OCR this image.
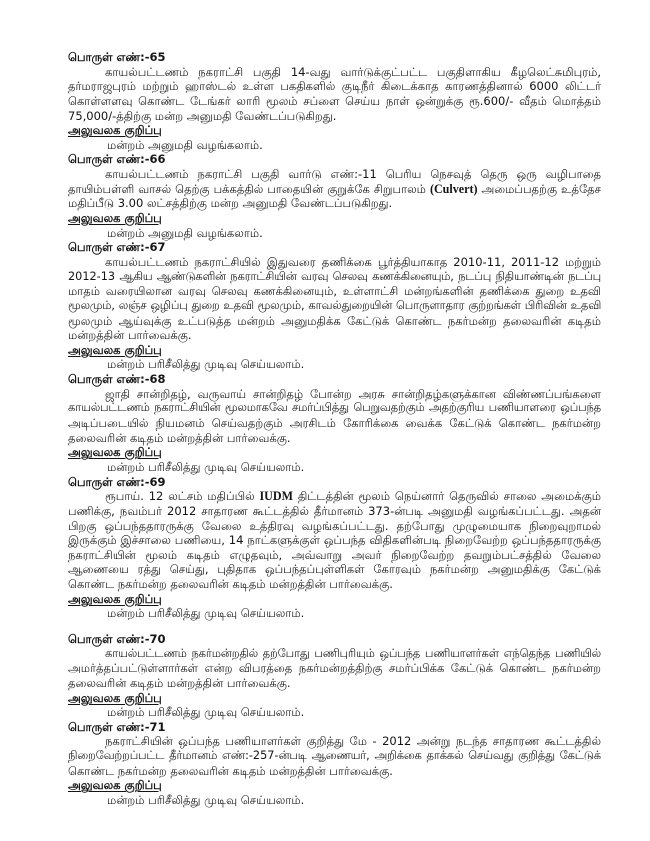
பொருள் எண்:-65
காயல்பட்டணம் நகராட்சி பகுதி 14-வது வார்டுக்குட்பட்ட பகுதிளாகிய கீழலெட்சுமிபுரம்,
தர்மராஜபுரம் மற்றும் ஹாஸ்டல் உள்ள பகதிகளில் குடிநீர் கிடைக்காத காரணத்தினால் 6000 லிட்டர்
கொள்ளளவு கொண்ட டேங்கர் லாரி மூலம் சப்ளை செய்ய நாள் ஒன்றுக்கு ரூ.600/- வீதம் மொத்தம்
75,000/-த்திற்கு மன்ற அனுமதி வேண்டப்படுகிறது.
அலுவலக குறிப்பு
மன்றம் அனுமதி வழங்கலாம்.
பொருள் எண்:-66
காயல்பட்டணம் நகராட்சி பகுதி வார்டு எண்:-11 பெரிய நெசவுத் தெரு ஒரு வழிபாதை
தாயிம்பள்ளி வாசல் தெற்கு பக்கத்தில் பாதையின் குறுக்கே சிறுபாலம் (Culvert) அமைப்பதற்கு உத்தேச
மதிப்பீடு 3.00 லட்சத்திற்கு மன்ற அனுமதி வேண்டப்படுகிறது.
அலுவலக குறிப்பு
மன்றம் அனுமதி வழங்கலாம்.
பொருள் எண்:-67
காயல்பட்டணம் நகராட்சியில் இதுவரை தணிக்கை பூர்த்தியாகாத 2010-11, 2011-12 மற்றும்
2012-13 ஆகிய ஆண்டுகளின் நகராட்சியின் வரவு செலவு கணக்கினையும், நடப்பு நிதியாண்டின் நடப்பு
மாதம் வரையிலான வரவு செலவு கணக்கினையும், உள்ளாட்சி மன்றங்களின் தணிக்கை துறை உதவி
மூலமும், லஞ்ச ஒழிப்பு துறை உதவி மூலமும், காவல்துறையின் பொருளாதார குற்றங்கள் பிரிவின் உதவி
மூலமும் ஆய்வுக்கு உட்படுத்த மன்றம் அனுமதிக்க கேட்டுக் கொண்ட நகர்மன்ற தலைவரின் கடிதம்
மன்றத்தின் பார்வைக்கு.
அலுவலக குறிப்பு
மன்றம் பரிசீலித்து முடிவு செய்யலாம்.
பொருள் எண்:-68
ஜாதி சான்றிதழ், வருவாய் சான்றிதழ் போன்ற அரசு சான்றிதழ்களுக்கான விண்ணப்பங்களை
காயல்பட்டணம் நகராட்சியின் மூலமாகவே சமர்ப்பித்து பெறுவதற்கும் அதற்குரிய பணியாளரை ஒப்பந்த
அடிப்படையில் நியமனம் செய்வதற்கும் அரசிடம் கோரிக்கை வைக்க கேட்டுக் கொண்ட நகர்மன்ற
தலைவரின் கடிதம் மன்றத்தின் பார்வைக்கு.
அலுவலக குறிப்பு
மன்றம் பரிசீலித்து முடிவு செய்யலாம்.
பொருள் எண்:-69
ரூபாய். 12 லட்சம் மதிப்பில் IUDM திட்டத்தின் மூலம் நெய்னார் தெருவில் சாலை அமைக்கும்
பணிக்கு, நவம்பர் 2012 சாதாரண கூட்டத்தில் தீர்மானம் 373-ன்படி அனுமதி வழங்கப்பட்டது. அதன்
பிறகு ஒப்பந்ததாரருக்கு வேலை உத்திரவு வழங்கப்பட்டது. தற்போது முழுமையாக நிறைவுறாமல்
இருக்கும் இச்சாலை பணியை, 14 நாட்களுக்குள் ஒப்பந்த விதிகளின்படி நிறைவேற்ற ஒப்பந்ததாரருக்கு
நகராட்சியின் மூலம் கடிதம் எழுதவும், அவ்வாறு அவர் நிறைவேற்ற தவறும்பட்சத்தில் வேலை
ஆணையை ரத்து செய்து, புதிதாக ஒப்பந்தப்புள்ளிகள் கோரவும் நகர்மன்ற அனுமதிக்கு கேட்டுக்
கொண்ட நகர்மன்ற தலைவரின் கடிதம் மன்றத்தின் பார்வைக்கு.
அலுவலக குறிப்பு
மன்றம் பரிசீலித்து முடிவு செய்யலாம்.
பொருள் எண்:-70
காயல்பட்டணம் நகர்மன்றதில் தற்போது பணிபுரியும் ஒப்பந்த பணியாளர்கள் எந்தெந்த பணியில்
அமர்த்தப்பட்டுள்ளார்கள் என்ற விபரத்தை நகர்மன்றத்திற்கு சமர்ப்பிக்க கேட்டுக் கொண்ட நகர்மன்ற
தலைவரின் கடிதம் மன்றத்தின் பார்வைக்கு.
அலுவலக குறிப்பு
மன்றம் பரிசீலித்து முடிவு செய்யலாம்.
பொருள் எண்:-71
நகராட்சியின் ஒப்பந்த பணியாளர்கள் குறித்து மே - 2012 அன்று நடந்த சாதாரண கூட்டத்தில்
நிறைவேற்றப்பட்ட தீர்மானம் எண்:-257-ன்படி ஆணையர், அறிக்கை தாக்கல் செய்வது குறித்து கேட்டுக்
கொண்ட நகர்மன்ற தலைவரின் கடிதம் மன்றத்தின் பார்வைக்கு.
அலுவலக குறிப்பு
மன்றம் பரிசீலித்து முடிவு செய்யலாம்.
